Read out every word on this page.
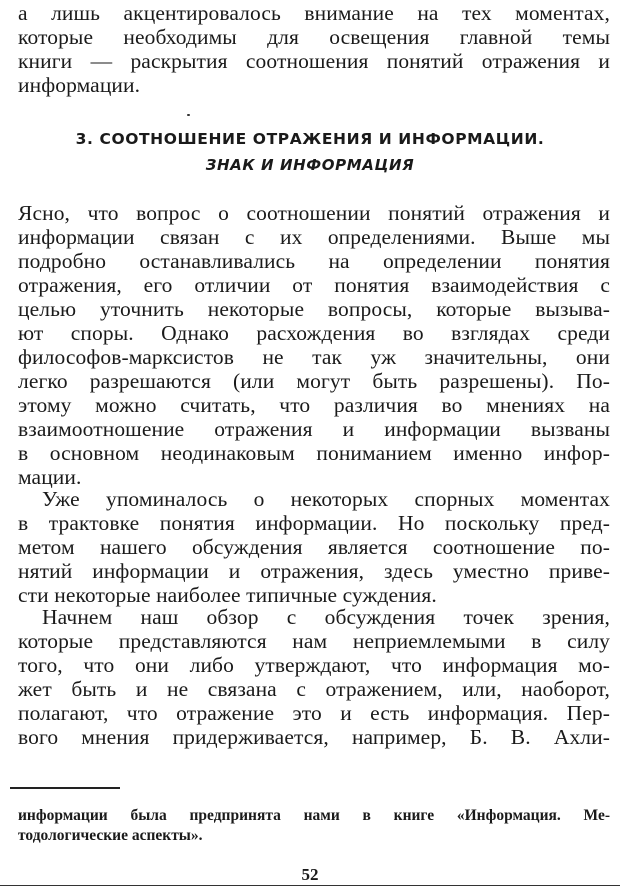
а лишь акцентировалось внимание на тех моментах,
которые необходимы для освещения главной темы
книги — раскрытия соотношения понятий отражения и
информации.
3. СООТНОШЕНИЕ ОТРАЖЕНИЯ И ИНФОРМАЦИИ.
ЗНАК И ИНФОРМАЦИЯ
Ясно, что вопрос о соотношении понятий отражения и
информации связан с их определениями. Выше мы
подробно останавливались на определении понятия
отражения, его отличии от понятия взаимодействия с
целью уточнить некоторые вопросы, которые вызыва-
ют споры. Однако расхождения во взглядах среди
философов-марксистов не так уж значительны, они
легко разрешаются (или могут быть разрешены). По-
этому можно считать, что различия во мнениях на
взаимоотношение отражения и информации вызваны
в основном неодинаковым пониманием именно инфор-
мации.
Уже упоминалось о некоторых спорных моментах
в трактовке понятия информации. Но поскольку пред-
метом нашего обсуждения является соотношение по-
нятий информации и отражения, здесь уместно приве-
сти некоторые наиболее типичные суждения.
Начнем наш обзор с обсуждения точек зрения,
которые представляются нам неприемлемыми в силу
того, что они либо утверждают, что информация мо-
жет быть и не связана с отражением, или, наоборот,
полагают, что отражение это и есть информация. Пер-
вого мнения придерживается, например, Б. В. Ахли-
информации была предпринята нами в книге «Информация. Ме-
тодологические аспекты».
52
